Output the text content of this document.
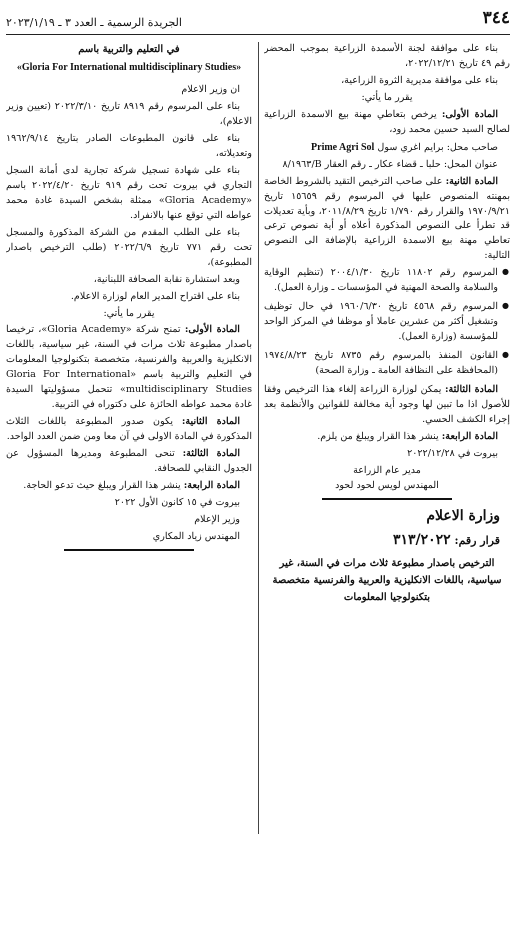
٣٤٤
الجريدة الرسمية ـ العدد ٣ ـ ٢٠٢٣/١/١٩

بناء على موافقة لجنة الأسمدة الزراعية بموجب المحضر رقم ٤٩ تاريخ ٢٠٢٢/١٢/٢١،

بناء على موافقة مديرية الثروة الزراعية،

يقرر ما يأتي:

المادة الأولى: يرخص بتعاطي مهنة بيع الاسمدة الزراعية لصالح السيد حسين محمد زود،

صاحب محل: برايم اغري سول Prime Agri Sol

عنوان المحل: حلبا ـ قضاء عكار ـ رقم العقار B/٨/١٩٦٣

المادة الثانية: على صاحب الترخيص التقيد بالشروط الخاصة بمهنته المنصوص عليها في المرسوم رقم ١٥٦٥٩ تاريخ ١٩٧٠/٩/٢١ والقرار رقم ١/٧٩٠ تاريخ ٢٠١١/٨/٢٩، وبأية تعديلات قد تطرأ على النصوص المذكورة أعلاه أو أية نصوص ترعى تعاطي مهنة بيع الاسمدة الزراعية بالإضافة الى النصوص التالية:

● المرسوم رقم ١١٨٠٢ تاريخ ٢٠٠٤/١/٣٠ (تنظيم الوقاية والسلامة والصحة المهنية في المؤسسات ـ وزارة العمل).
● المرسوم رقم ٤٥٦٨ تاريخ ١٩٦٠/٦/٣٠ في حال توظيف وتشغيل أكثر من عشرين عاملا أو موظفا في المركز الواحد للمؤسسة (وزارة العمل).
● القانون المنفذ بالمرسوم رقم ٨٧٣٥ تاريخ ١٩٧٤/٨/٢٣ (المحافظة على النظافة العامة ـ وزارة الصحة)

المادة الثالثة: يمكن لوزارة الزراعة إلغاء هذا الترخيص وفقا للأصول اذا ما تبين لها وجود أية مخالفة للقوانين والأنظمة بعد إجراء الكشف الحسي.

المادة الرابعة: ينشر هذا القرار ويبلغ من يلزم.

بيروت في ٢٠٢٢/١٢/٢٨

مدير عام الزراعة

المهندس لويس لحود لحود

وزارة الاعلام
قرار رقم: ٣١٣/٢٠٢٢

الترخيص باصدار مطبوعة ثلاث مرات في السنة، غير سياسية، باللغات الانكليزية والعربية والفرنسية متخصصة بتكنولوجيا المعلومات

في التعليم والتربية باسم

«Gloria For International multidisciplinary Studies»

ان وزير الاعلام

بناء على المرسوم رقم ٨٩١٩ تاريخ ٢٠٢٢/٣/١٠ (تعيين وزير الاعلام)،

بناء على قانون المطبوعات الصادر بتاريخ ١٩٦٢/٩/١٤ وتعديلاته،

بناء على شهادة تسجيل شركة تجارية لدى أمانة السجل التجاري في بيروت تحت رقم ٩١٩ تاريخ ٢٠٢٢/٤/٢٠ باسم «Gloria Academy» ممثلة بشخص السيدة غادة محمد عواطه التي توقع عنها بالانفراد.

بناء على الطلب المقدم من الشركة المذكورة والمسجل تحت رقم ٧٧١ تاريخ ٢٠٢٢/٦/٩ (طلب الترخيص باصدار المطبوعة)،

وبعد استشارة نقابة الصحافة اللبنانية،

بناء على اقتراح المدير العام لوزارة الاعلام.

يقرر ما يأتي:

المادة الأولى: تمنح شركة «Gloria Academy»، ترخيصا باصدار مطبوعة ثلاث مرات في السنة، غير سياسية، باللغات الانكليزية والعربية والفرنسية، متخصصة بتكنولوجيا المعلومات في التعليم والتربية باسم «Gloria For International multidisciplinary Studies» تتحمل مسؤوليتها السيدة غادة محمد عواطه الحائزة على دكتوراه في التربية.

المادة الثانية: يكون صدور المطبوعة باللغات الثلاث المذكورة في المادة الاولى في آن معا ومن ضمن العدد الواحد.

المادة الثالثة: تنحى المطبوعة ومديرها المسؤول عن الجدول النقابي للصحافة.

المادة الرابعة: ينشر هذا القرار ويبلغ حيث تدعو الحاجة.

بيروت في ١٥ كانون الأول ٢٠٢٢

وزير الإعلام

المهندس زياد المكاري
